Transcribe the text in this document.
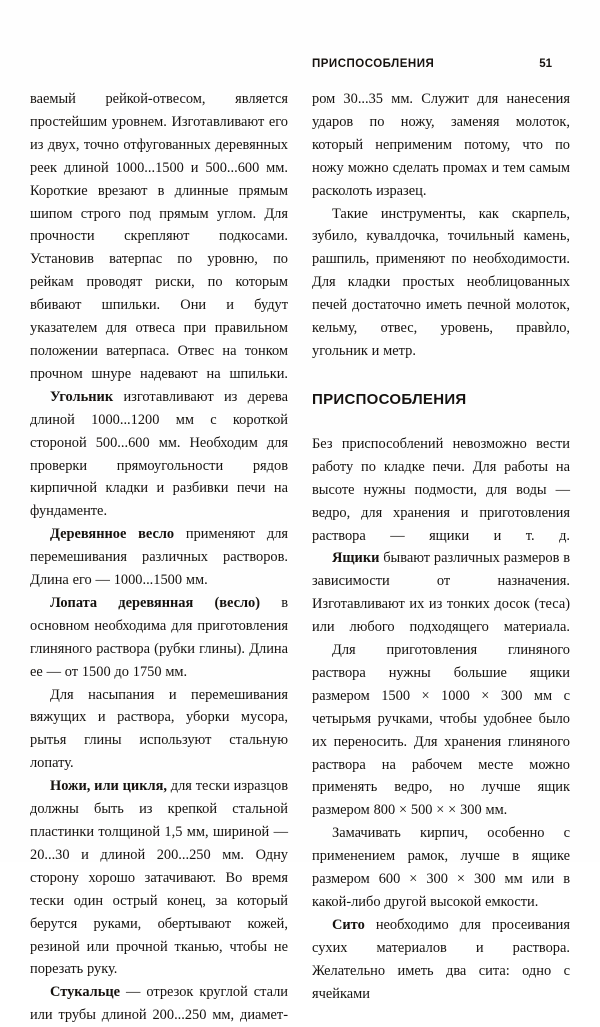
ПРИСПОСОБЛЕНИЯ	51

ваемый рейкой-отвесом, является простейшим уровнем. Изготавливают его из двух, точно отфугованных деревянных реек длиной 1000...1500 и 500...600 мм. Короткие врезают в длинные прямым шипом строго под прямым углом. Для прочности скрепляют подкосами. Установив ватерпас по уровню, по рейкам проводят риски, по которым вбивают шпильки. Они и будут указателем для отвеса при правильном положении ватерпаса. Отвес на тонком прочном шнуре надевают на шпильки.

Угольник изготавливают из дерева длиной 1000...1200 мм с короткой стороной 500...600 мм. Необходим для проверки прямоугольности рядов кирпичной кладки и разбивки печи на фундаменте.

Деревянное весло применяют для перемешивания различных растворов. Длина его — 1000...1500 мм.

Лопата деревянная (весло) в основном необходима для приготовления глиняного раствора (рубки глины). Длина ее — от 1500 до 1750 мм.

Для насыпания и перемешивания вяжущих и раствора, уборки мусора, рытья глины используют стальную лопату.

Ножи, или цикля, для тески изразцов должны быть из крепкой стальной пластинки толщиной 1,5 мм, шириной — 20...30 и длиной 200...250 мм. Одну сторону хорошо затачивают. Во время тески один острый конец, за который берутся руками, обертывают кожей, резиной или прочной тканью, чтобы не порезать руку.

Стукальце — отрезок круглой стали или трубы длиной 200...250 мм, диамет-

ром 30...35 мм. Служит для нанесения ударов по ножу, заменяя молоток, который неприменим потому, что по ножу можно сделать промах и тем самым расколоть изразец.

Такие инструменты, как скарпель, зубило, кувалдочка, точильный камень, рашпиль, применяют по необходимости. Для кладки простых необлицованных печей достаточно иметь печной молоток, кельму, отвес, уровень, правѝло, угольник и метр.

ПРИСПОСОБЛЕНИЯ

Без приспособлений невозможно вести работу по кладке печи. Для работы на высоте нужны подмости, для воды — ведро, для хранения и приготовления раствора — ящики и т. д.

Ящики бывают различных размеров в зависимости от назначения. Изготавливают их из тонких досок (теса) или любого подходящего материала.

Для приготовления глиняного раствора нужны большие ящики размером 1500 × 1000 × 300 мм с четырьмя ручками, чтобы удобнее было их переносить. Для хранения глиняного раствора на рабочем месте можно применять ведро, но лучше ящик размером 800 × 500 × × 300 мм.

Замачивать кирпич, особенно с применением рамок, лучше в ящике размером 600 × 300 × 300 мм или в какой-либо другой высокой емкости.

Сито необходимо для просеивания сухих материалов и раствора. Желательно иметь два сита: одно с ячейками
